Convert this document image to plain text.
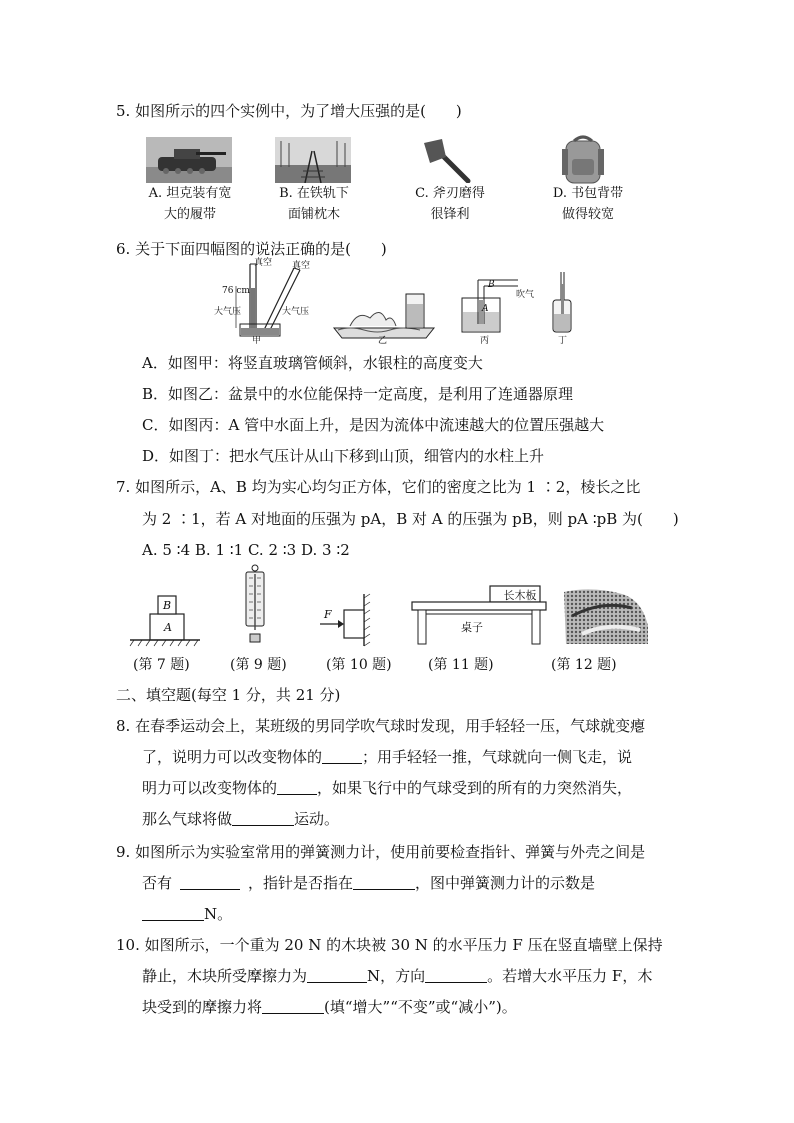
5. 如图所示的四个实例中，为了增大压强的是(　　)
A. 坦克装有宽
大的履带
B. 在铁轨下
面铺枕木
C. 斧刃磨得
很锋利
D. 书包背带
做得较宽
6. 关于下面四幅图的说法正确的是(　　)
真空 真空
76 cm
大气压	大气压
甲	乙
B
A
吹气
丙	丁
A．如图甲：将竖直玻璃管倾斜，水银柱的高度变大
B．如图乙：盆景中的水位能保持一定高度，是利用了连通器原理
C．如图丙：A 管中水面上升，是因为流体中流速越大的位置压强越大
D．如图丁：把水气压计从山下移到山顶，细管内的水柱上升
7. 如图所示，A、B 均为实心均匀正方体，它们的密度之比为 1 ∶2，棱长之比
为 2 ∶1，若 A 对地面的压强为 pA，B 对 A 的压强为 pB，则 pA ∶pB 为(　　)
A. 5 ∶4 B. 1 ∶1 C. 2 ∶3 D. 3 ∶2
B
A
F
长木板
桌子
(第 7 题)	(第 9 题)	(第 10 题)	(第 11 题)	(第 12 题)
二、填空题(每空 1 分，共 21 分)
8. 在春季运动会上，某班级的男同学吹气球时发现，用手轻轻一压，气球就变瘪
了，说明力可以改变物体的	；用手轻轻一推，气球就向一侧飞走，说
明力可以改变物体的	，如果飞行中的气球受到的所有的力突然消失，
那么气球将做	运动。
9. 如图所示为实验室常用的弹簧测力计，使用前要检查指针、弹簧与外壳之间是
否有	，指针是否指在	，图中弹簧测力计的示数是
N。
10. 如图所示，一个重为 20 N 的木块被 30 N 的水平压力 F 压在竖直墙壁上保持
静止，木块所受摩擦力为	N，方向	。若增大水平压力 F，木
块受到的摩擦力将	(填“增大”“不变”或“减小”)。
